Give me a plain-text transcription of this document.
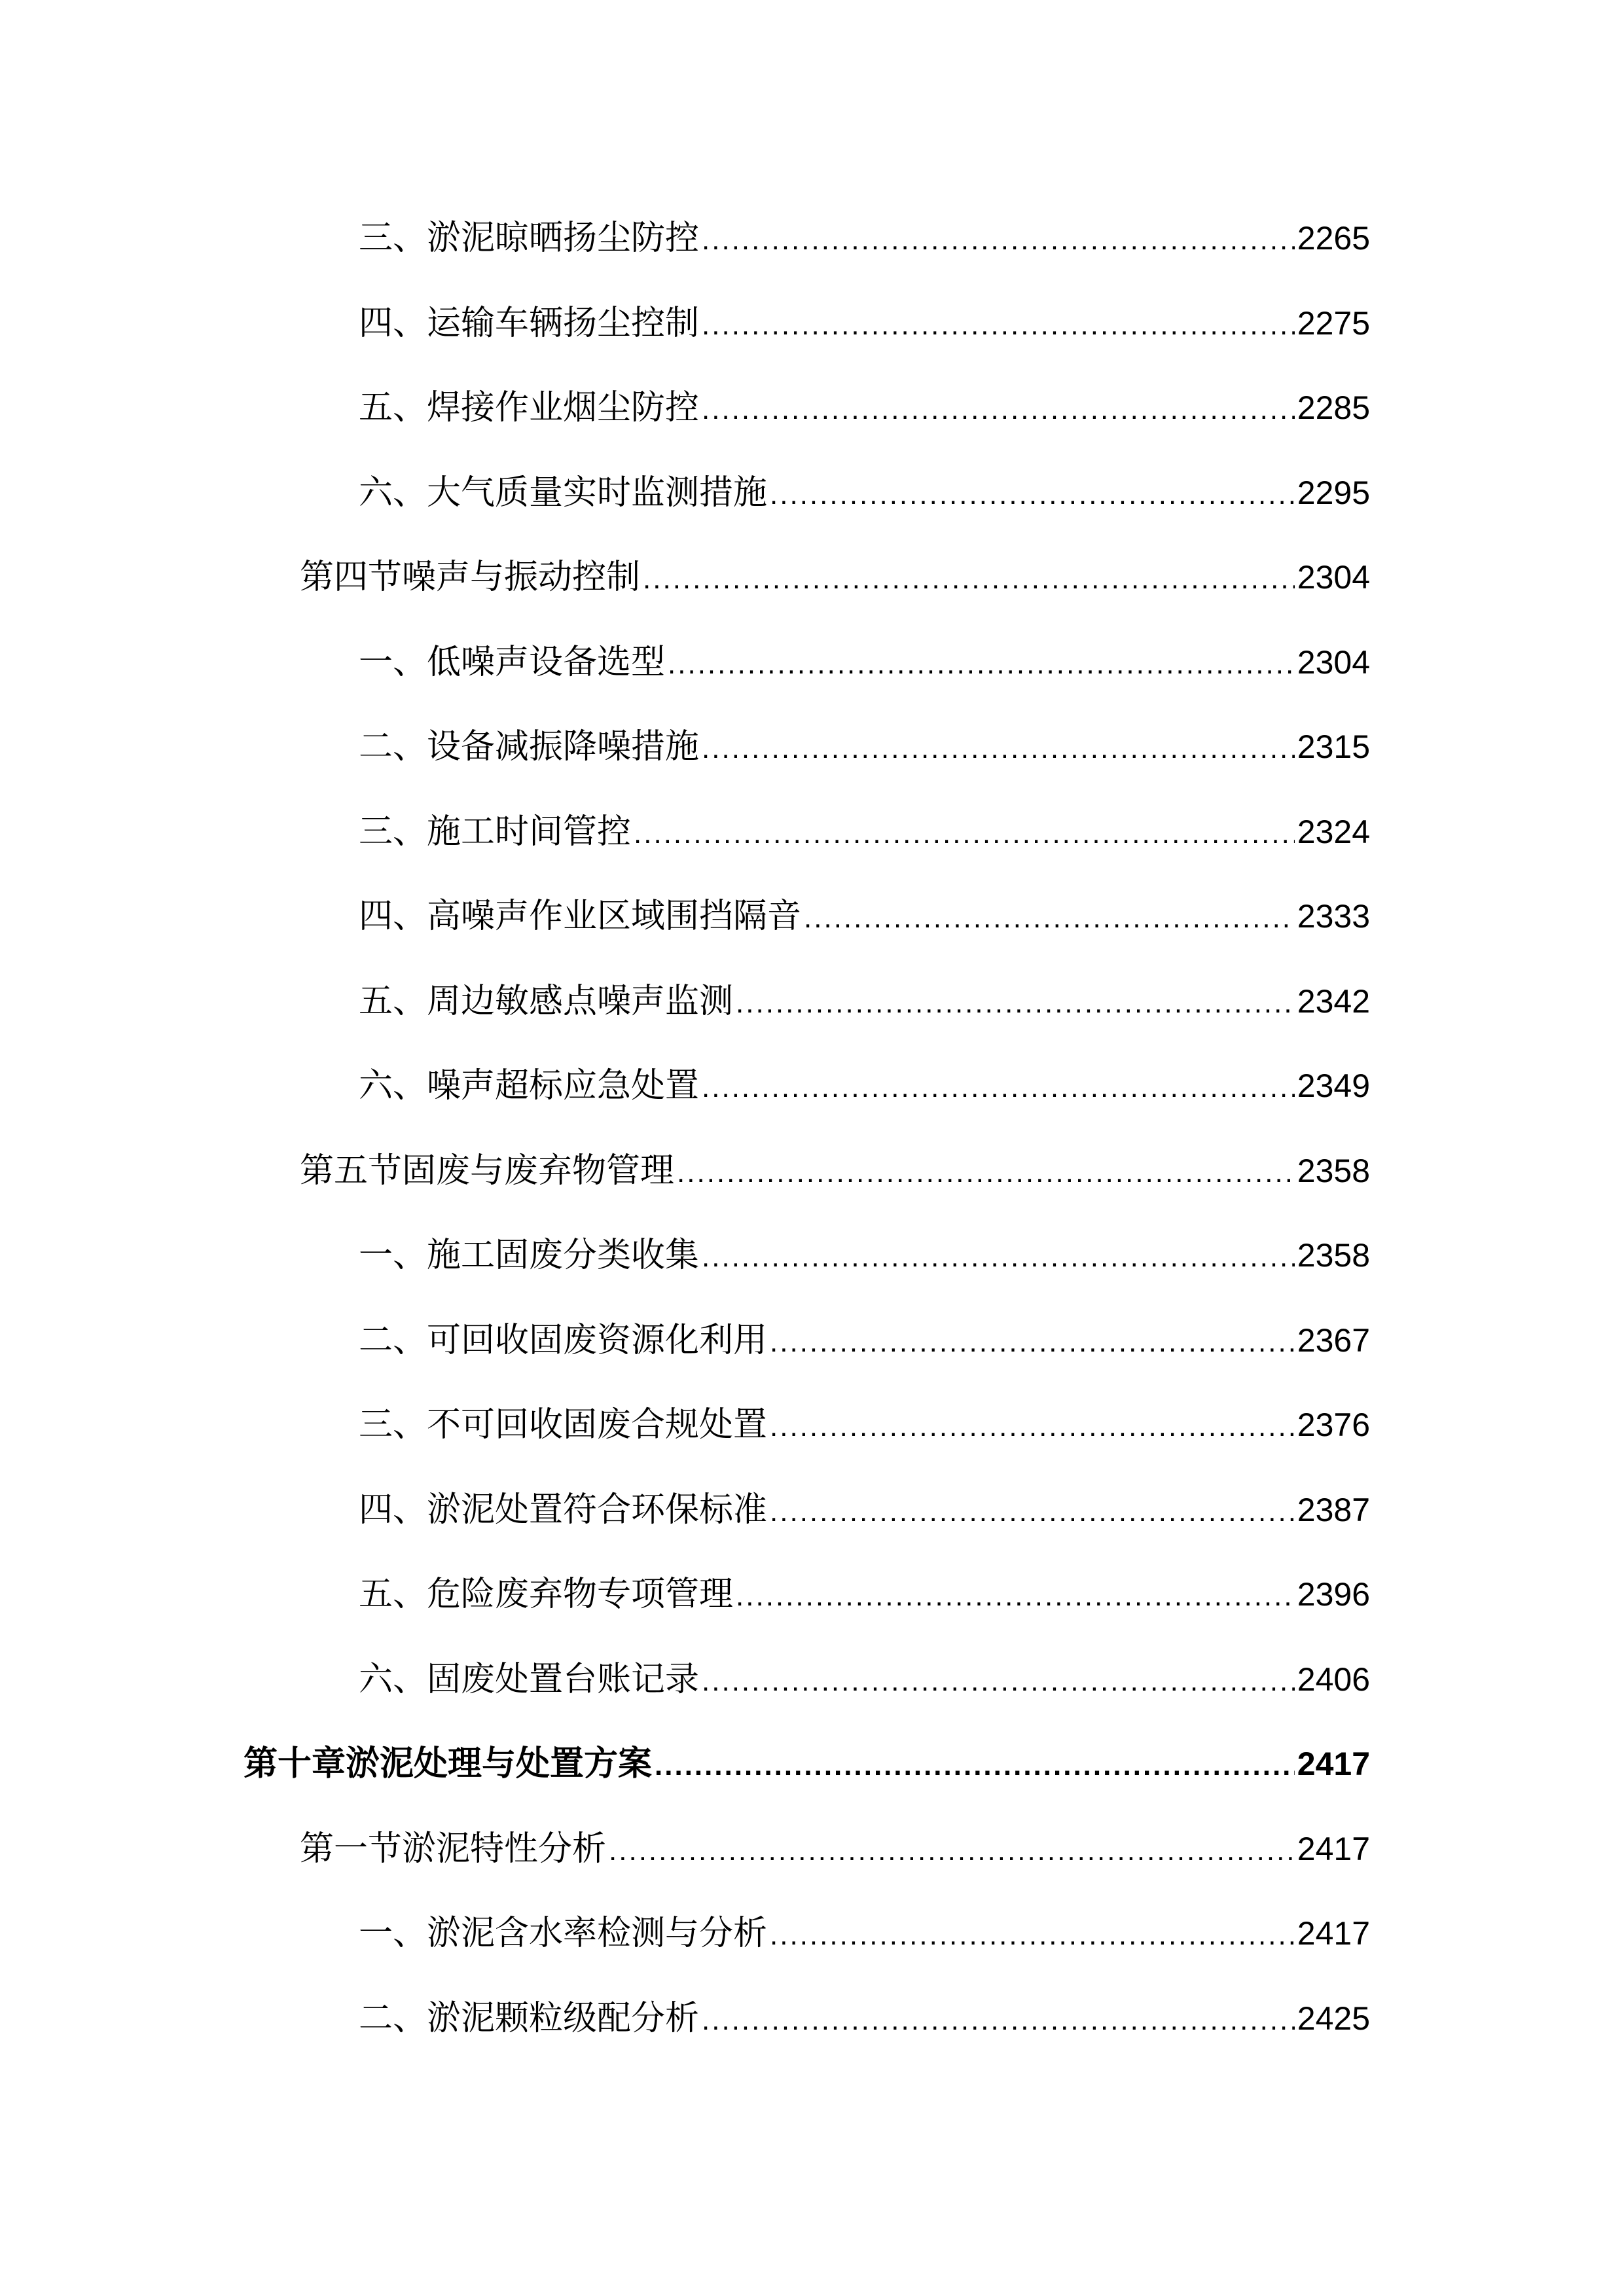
三、淤泥晾晒扬尘防控 .....	2265
四、运输车辆扬尘控制 .....	2275
五、焊接作业烟尘防控 .....	2285
六、大气质量实时监测措施 .....	2295
第四节噪声与振动控制 .....	2304
一、低噪声设备选型 .....	2304
二、设备减振降噪措施 .....	2315
三、施工时间管控 .....	2324
四、高噪声作业区域围挡隔音 .....	2333
五、周边敏感点噪声监测 .....	2342
六、噪声超标应急处置 .....	2349
第五节固废与废弃物管理 .....	2358
一、施工固废分类收集 .....	2358
二、可回收固废资源化利用 .....	2367
三、不可回收固废合规处置 .....	2376
四、淤泥处置符合环保标准 .....	2387
五、危险废弃物专项管理 .....	2396
六、固废处置台账记录 .....	2406
第十章淤泥处理与处置方案 .....	2417
第一节淤泥特性分析 .....	2417
一、淤泥含水率检测与分析 .....	2417
二、淤泥颗粒级配分析 .....	2425
